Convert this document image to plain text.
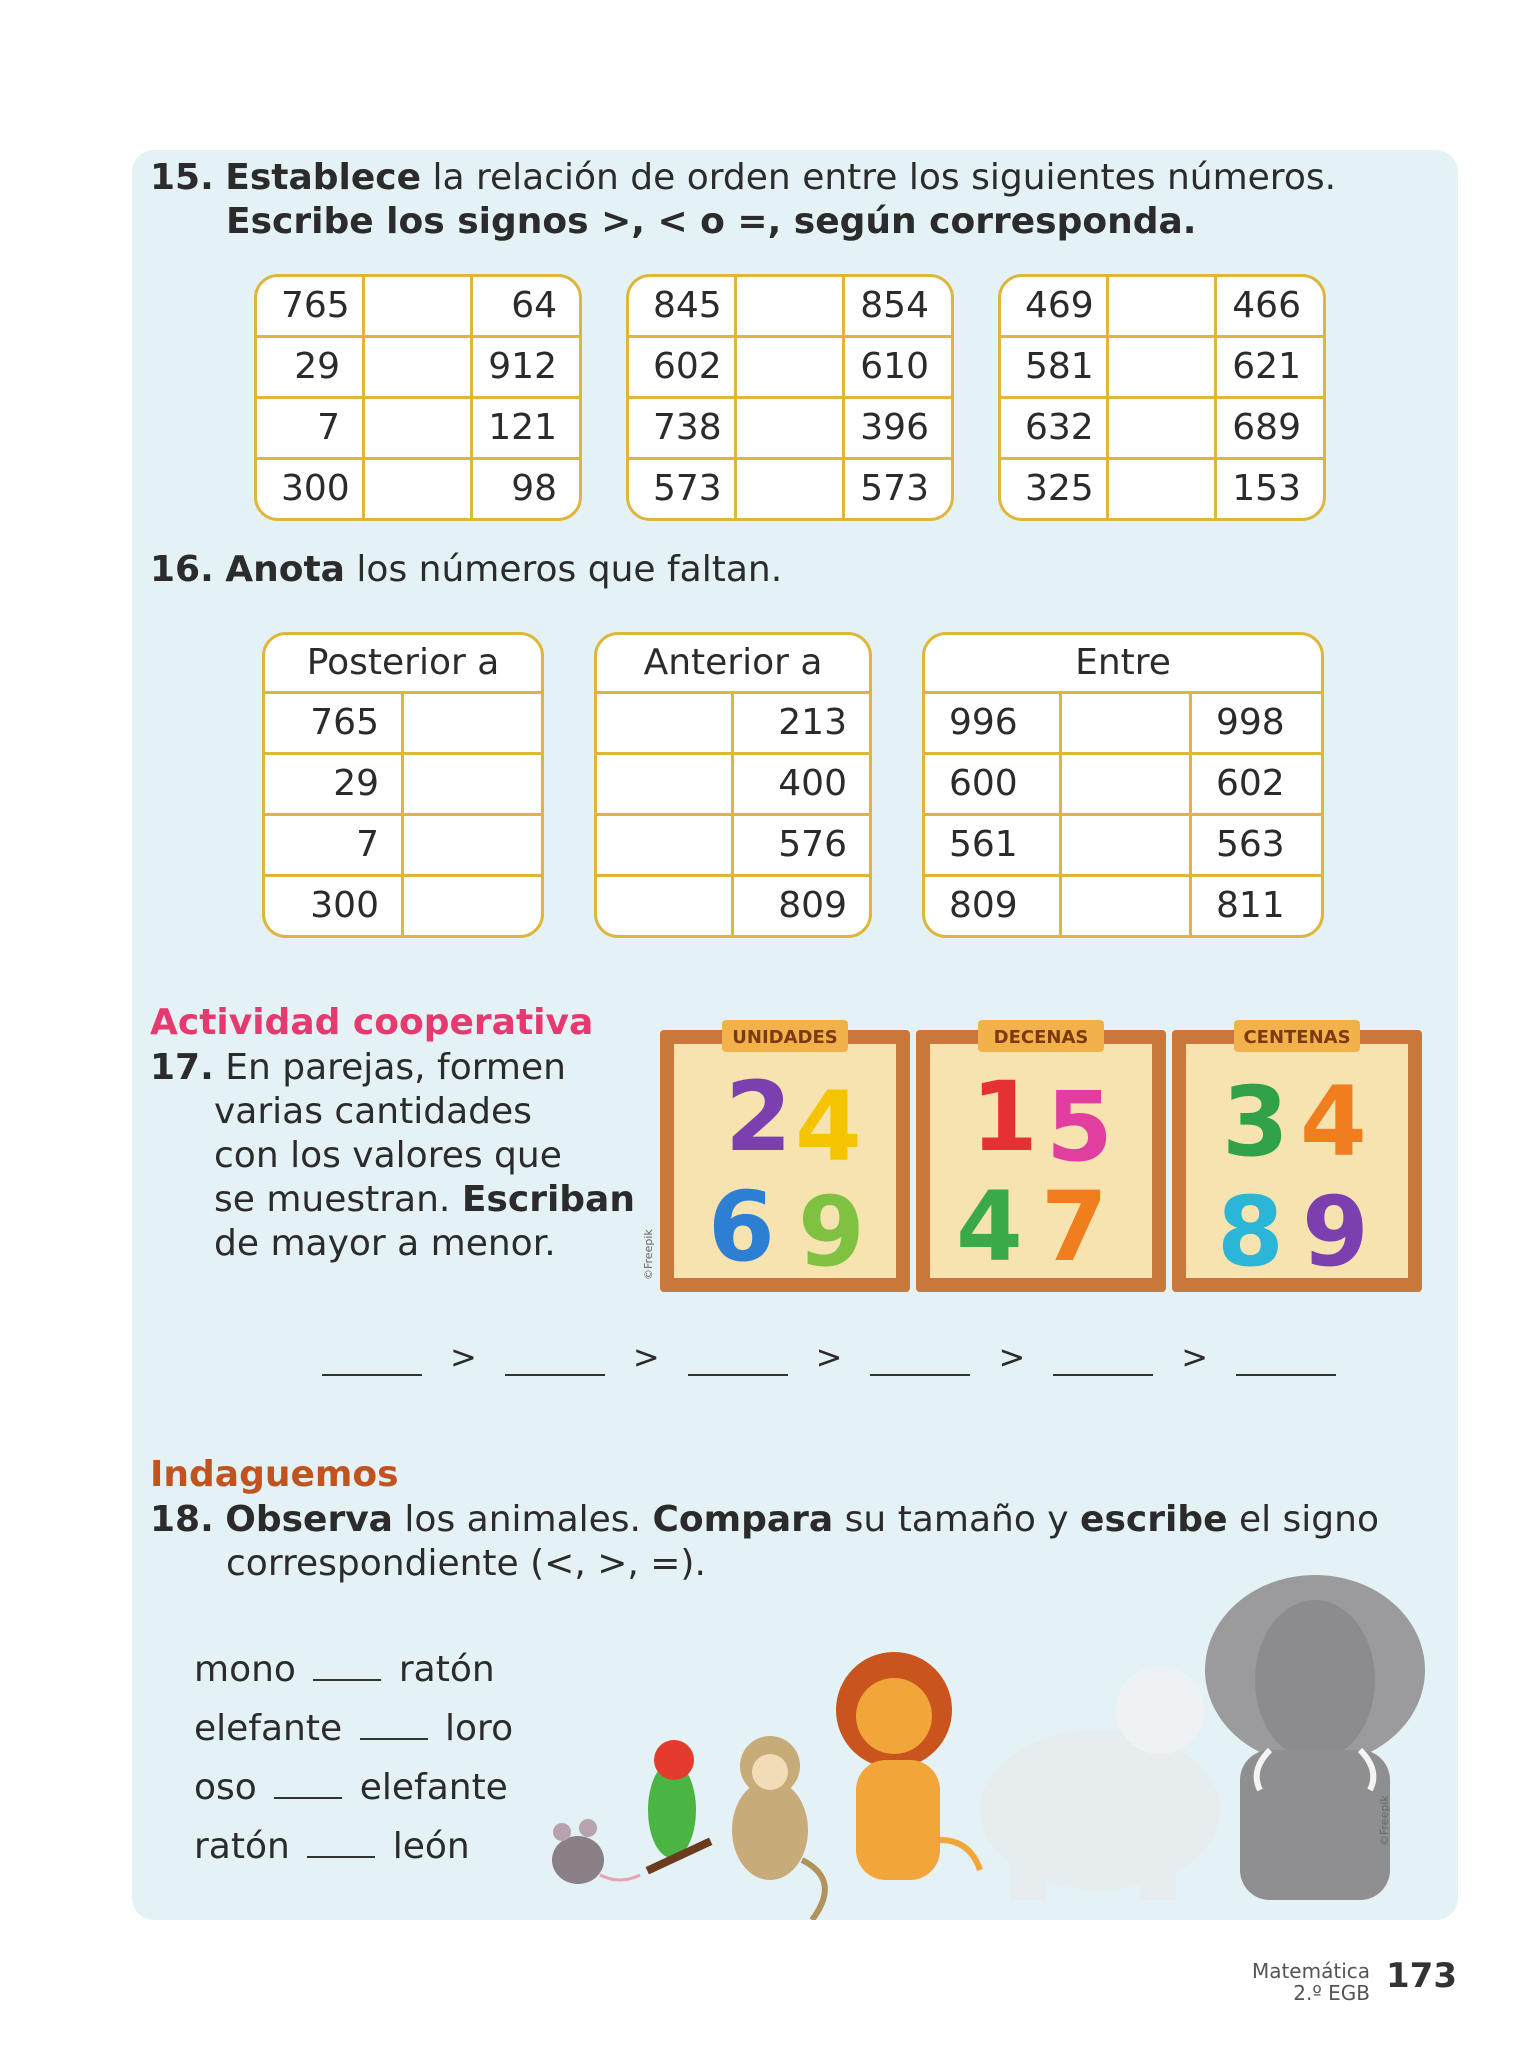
15. Establece la relación de orden entre los siguientes números.
Escribe los signos >, < o =, según corresponda.
765	64
29	912
7	121
300	98
845	854
602	610
738	396
573	573
469	466
581	621
632	689
325	153
16. Anota los números que faltan.
Posterior a
765
29
7
300
Anterior a
213
400
576
809
Entre
996	998
600	602
561	563
809	811
Actividad cooperativa
17. En parejas, formen
varias cantidades
con los valores que
se muestran. Escriban
de mayor a menor.	©Freepik
UNIDADES
2 4
6 9
DECENAS
1 5
4 7
CENTENAS
3 4
8 9
>	>	>	>	>
Indaguemos
18. Observa los animales. Compara su tamaño y escribe el signo
correspondiente (<, >, =).
mono	ratón
elefante	loro
oso	elefante
ratón	león
©Freepik
Matemática
2.º EGB 173
